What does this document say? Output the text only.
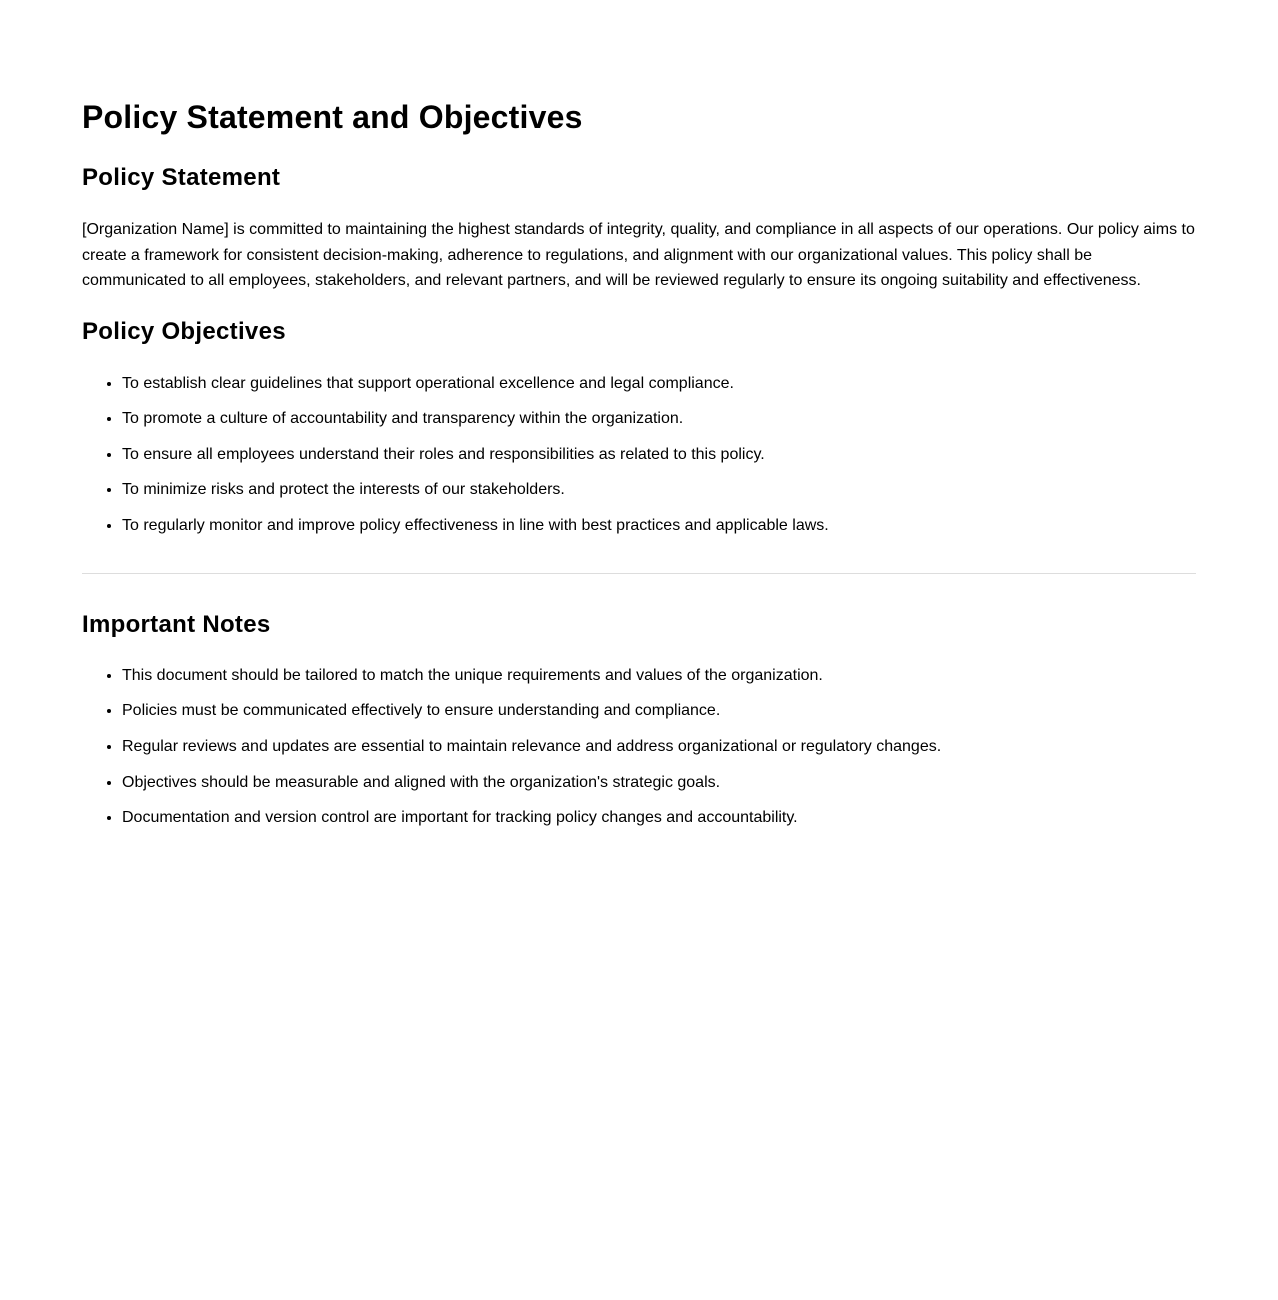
Policy Statement and Objectives
Policy Statement

[Organization Name] is committed to maintaining the highest standards of integrity, quality, and compliance in all aspects of our operations. Our policy aims to create a framework for consistent decision-making, adherence to regulations, and alignment with our organizational values. This policy shall be communicated to all employees, stakeholders, and relevant partners, and will be reviewed regularly to ensure its ongoing suitability and effectiveness.

Policy Objectives
• To establish clear guidelines that support operational excellence and legal compliance.
• To promote a culture of accountability and transparency within the organization.
• To ensure all employees understand their roles and responsibilities as related to this policy.
• To minimize risks and protect the interests of our stakeholders.
• To regularly monitor and improve policy effectiveness in line with best practices and applicable laws.
Important Notes
• This document should be tailored to match the unique requirements and values of the organization.
• Policies must be communicated effectively to ensure understanding and compliance.
• Regular reviews and updates are essential to maintain relevance and address organizational or regulatory changes.
• Objectives should be measurable and aligned with the organization's strategic goals.
• Documentation and version control are important for tracking policy changes and accountability.
